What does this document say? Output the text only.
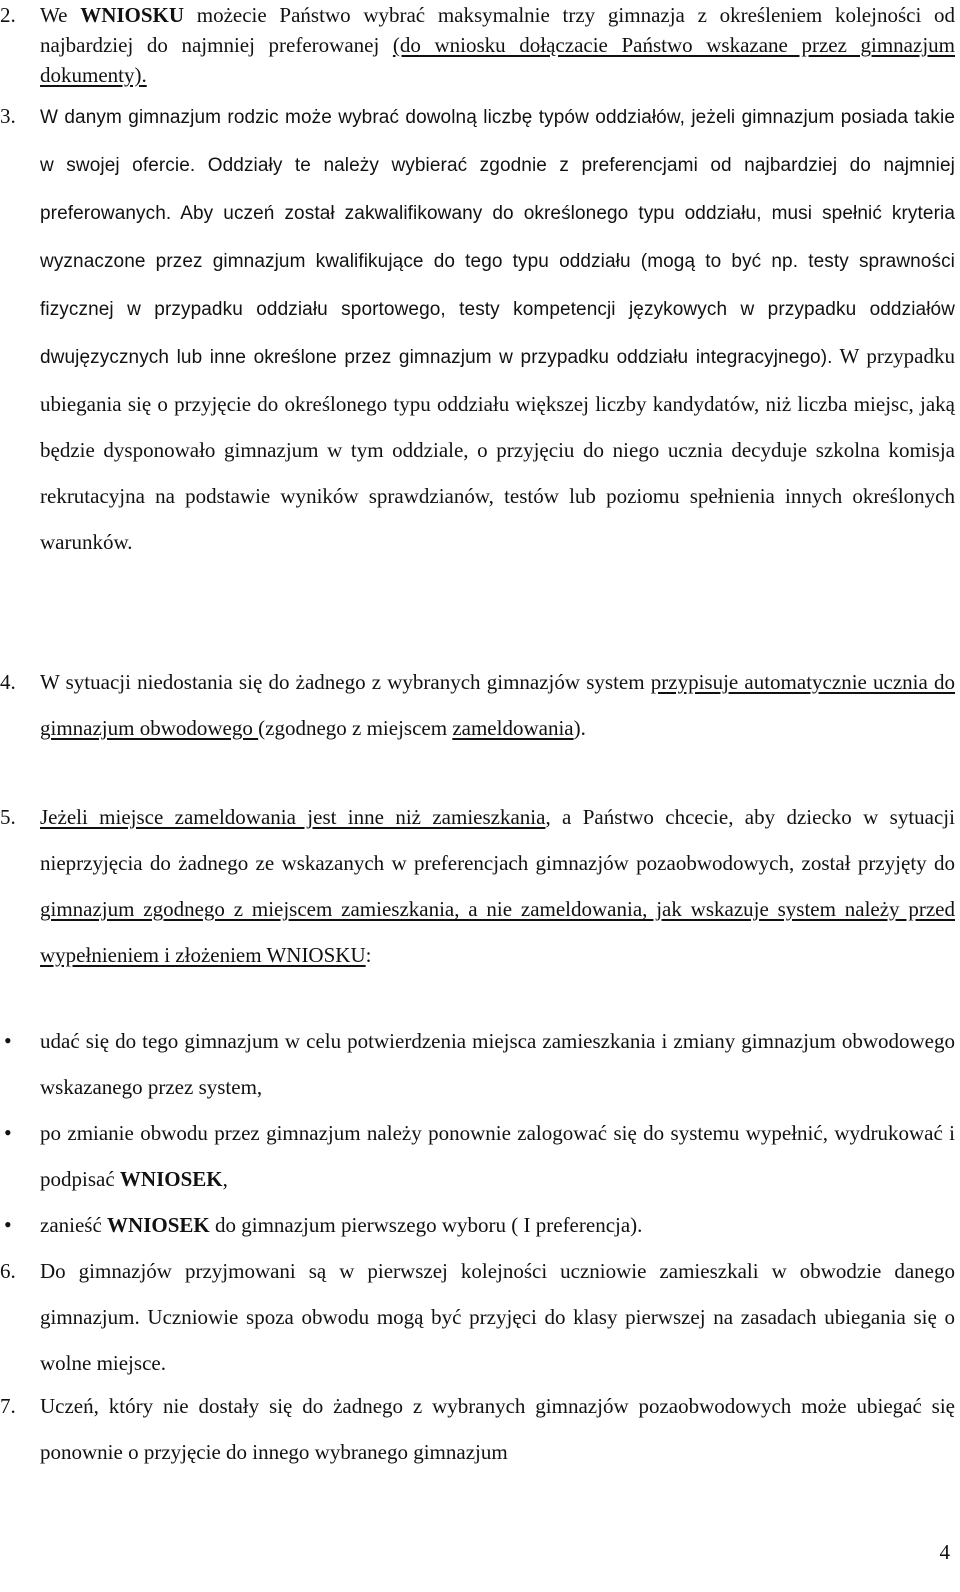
2.	We WNIOSKU możecie Państwo wybrać maksymalnie trzy gimnazja z określeniem kolejności od najbardziej do najmniej preferowanej (do wniosku dołączacie Państwo wskazane przez gimnazjum dokumenty).
3.	W danym gimnazjum rodzic może wybrać dowolną liczbę typów oddziałów, jeżeli gimnazjum posiada takie w swojej ofercie. Oddziały te należy wybierać zgodnie z preferencjami od najbardziej do najmniej preferowanych. Aby uczeń został zakwalifikowany do określonego typu oddziału, musi spełnić kryteria wyznaczone przez gimnazjum kwalifikujące do tego typu oddziału (mogą to być np. testy sprawności fizycznej w przypadku oddziału sportowego, testy kompetencji językowych w przypadku oddziałów dwujęzycznych lub inne określone przez gimnazjum w przypadku oddziału integracyjnego). W przypadku ubiegania się o przyjęcie do określonego typu oddziału większej liczby kandydatów, niż liczba miejsc, jaką będzie dysponowało gimnazjum w tym oddziale, o przyjęciu do niego ucznia decyduje szkolna komisja rekrutacyjna na podstawie wyników sprawdzianów, testów lub poziomu spełnienia innych określonych warunków.
4.	W sytuacji niedostania się do żadnego z wybranych gimnazjów system przypisuje automatycznie ucznia do gimnazjum obwodowego (zgodnego z miejscem zameldowania).
5.	Jeżeli miejsce zameldowania jest inne niż zamieszkania, a Państwo chcecie, aby dziecko w sytuacji nieprzyjęcia do żadnego ze wskazanych w preferencjach gimnazjów pozaobwodowych, został przyjęty do gimnazjum zgodnego z miejscem zamieszkania, a nie zameldowania, jak wskazuje system należy przed wypełnieniem i złożeniem WNIOSKU:
•	udać się do tego gimnazjum w celu potwierdzenia miejsca zamieszkania i zmiany gimnazjum obwodowego wskazanego przez system,
•	po zmianie obwodu przez gimnazjum należy ponownie zalogować się do systemu wypełnić, wydrukować i podpisać WNIOSEK,
•	zanieść WNIOSEK do gimnazjum pierwszego wyboru ( I preferencja).
6.	Do gimnazjów przyjmowani są w pierwszej kolejności uczniowie zamieszkali w obwodzie danego gimnazjum. Uczniowie spoza obwodu mogą być przyjęci do klasy pierwszej na zasadach ubiegania się o wolne miejsce.
7.	Uczeń, który nie dostały się do żadnego z wybranych gimnazjów pozaobwodowych może ubiegać się ponownie o przyjęcie do innego wybranego gimnazjum
4
